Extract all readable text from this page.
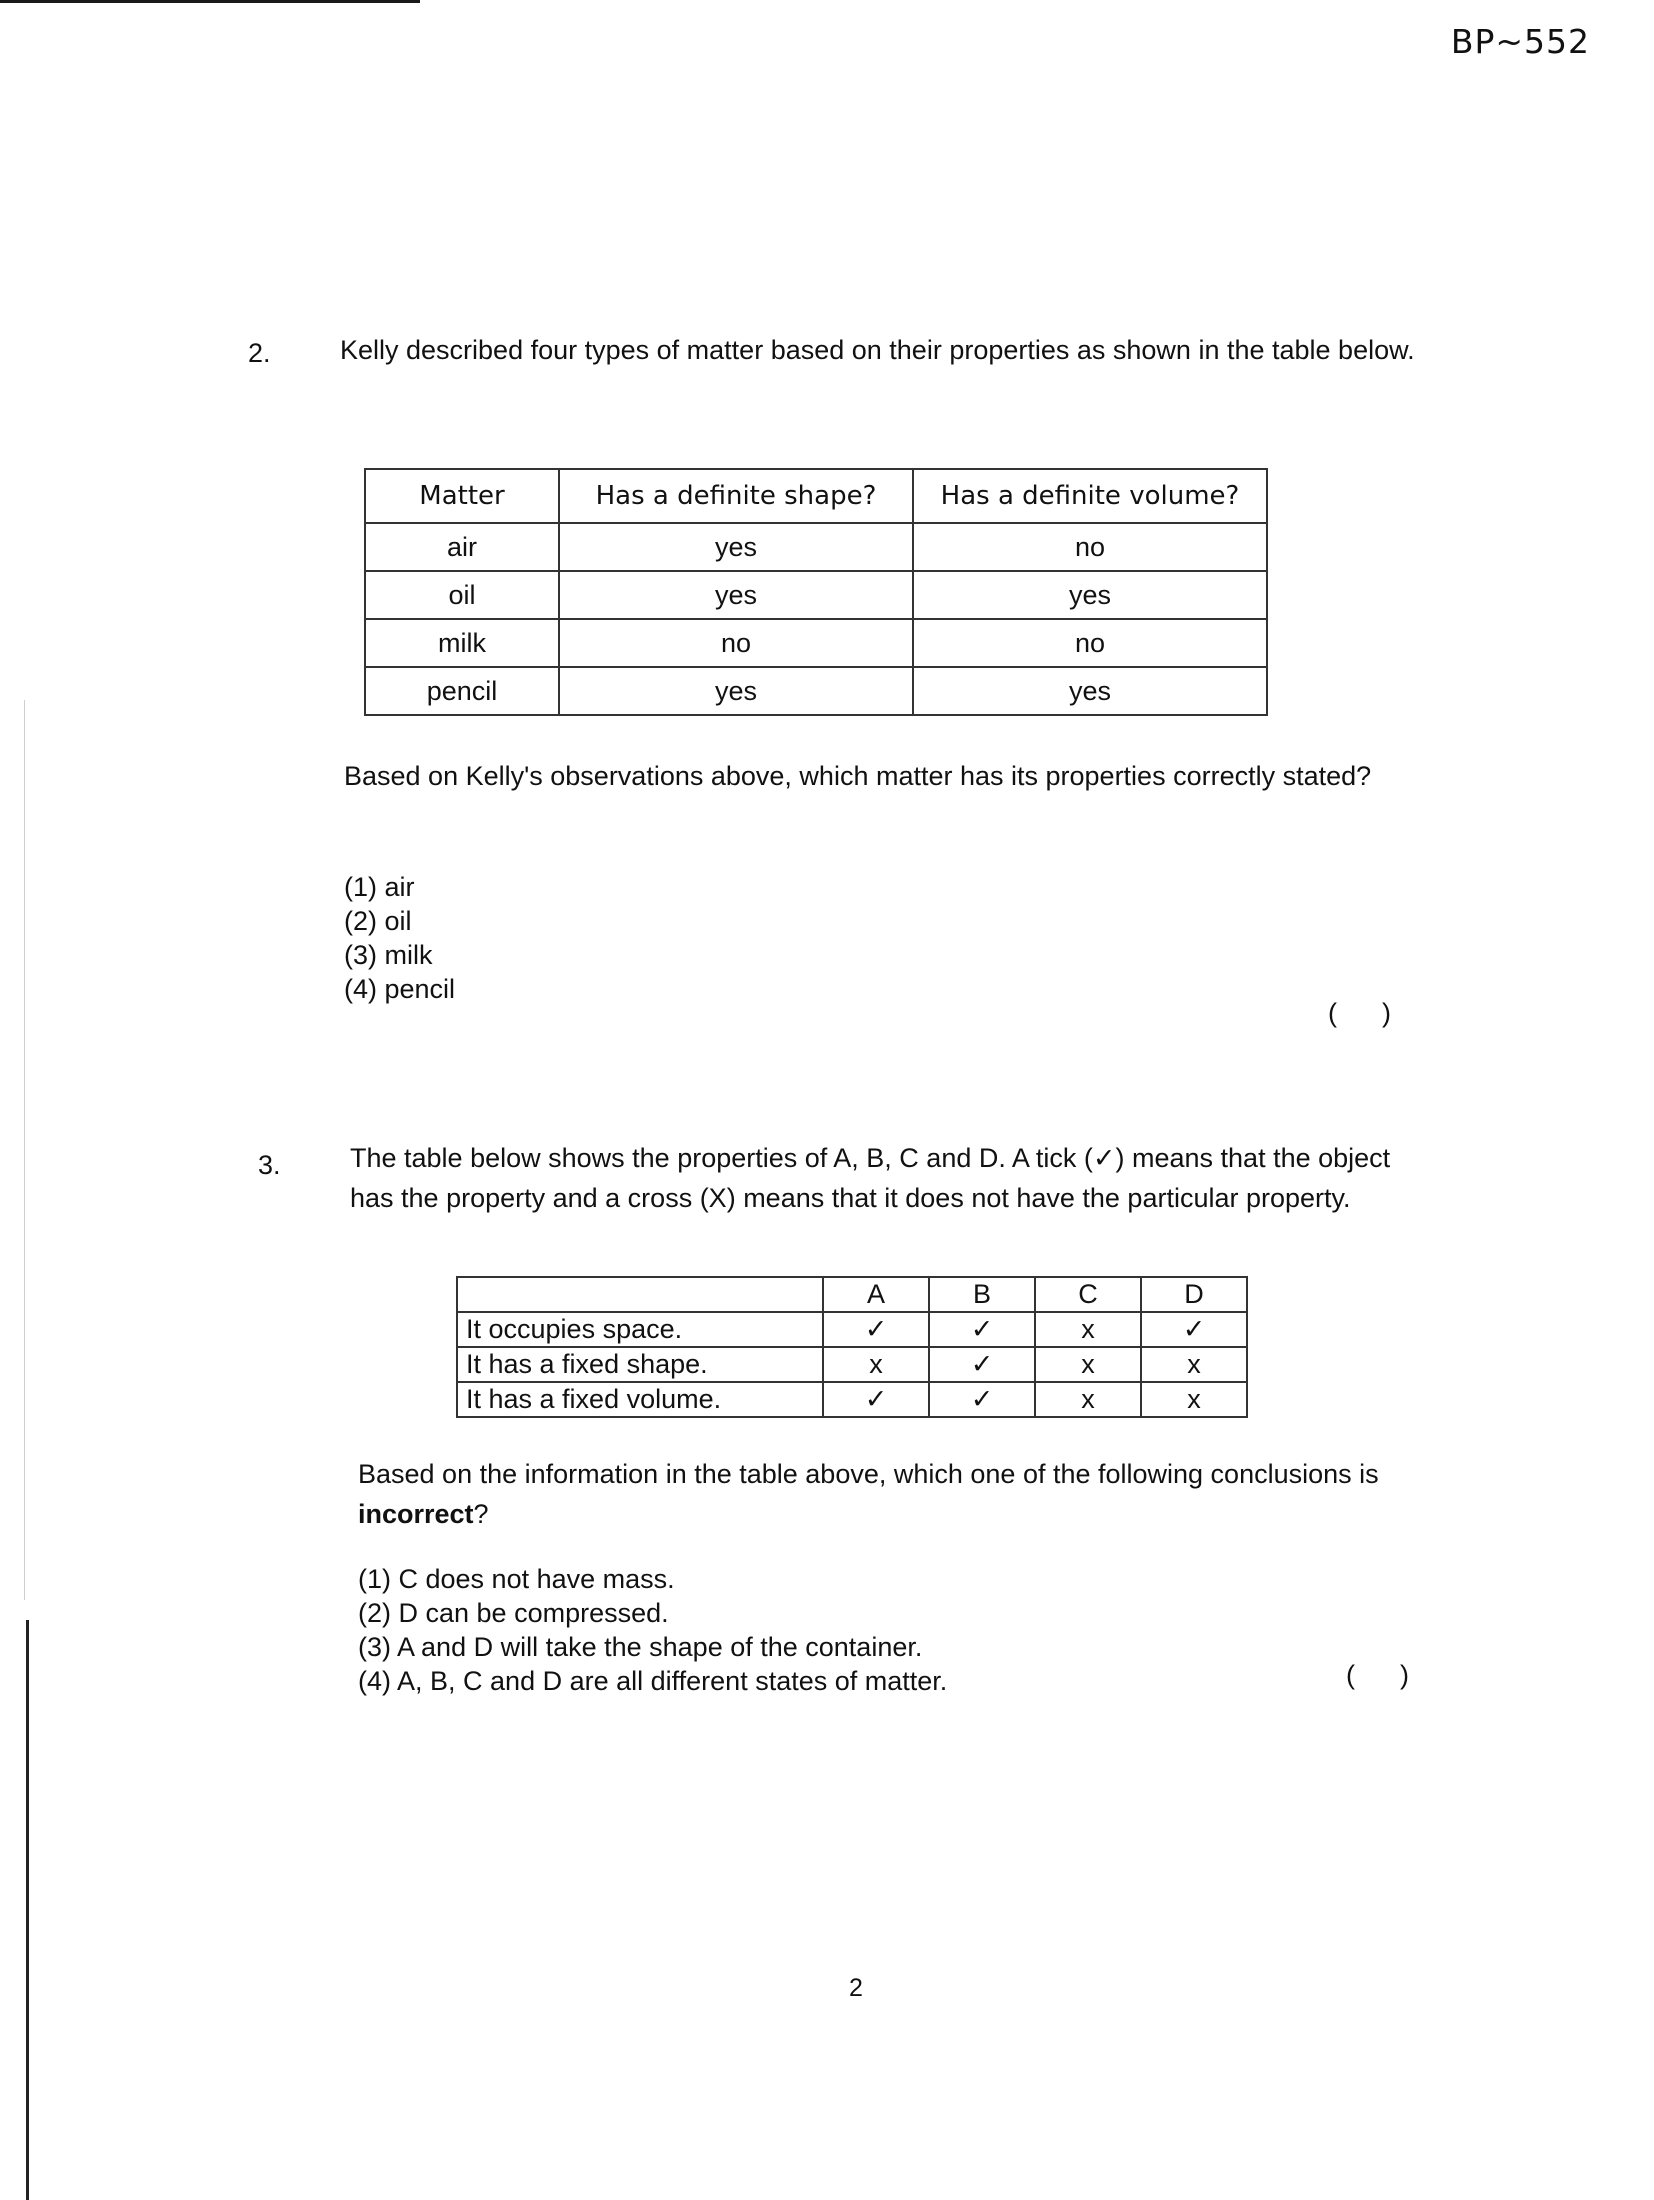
BP~552
2.	Kelly described four types of matter based on their properties as shown in the table below.
Matter	Has a definite shape?	Has a definite volume?
air	yes	no
oil	yes	yes
milk	no	no
pencil	yes	yes
Based on Kelly's observations above, which matter has its properties correctly stated?
(1) air
(2) oil
(3) milk
(4) pencil
(      )
3.	The table below shows the properties of A, B, C and D. A tick (✓) means that the object has the property and a cross (X) means that it does not have the particular property.
	A	B	C	D
It occupies space.	✓	✓	x	✓
It has a fixed shape.	x	✓	x	x
It has a fixed volume.	✓	✓	x	x
Based on the information in the table above, which one of the following conclusions is incorrect?
(1) C does not have mass.
(2) D can be compressed.
(3) A and D will take the shape of the container.
(4) A, B, C and D are all different states of matter.	(      )
2
